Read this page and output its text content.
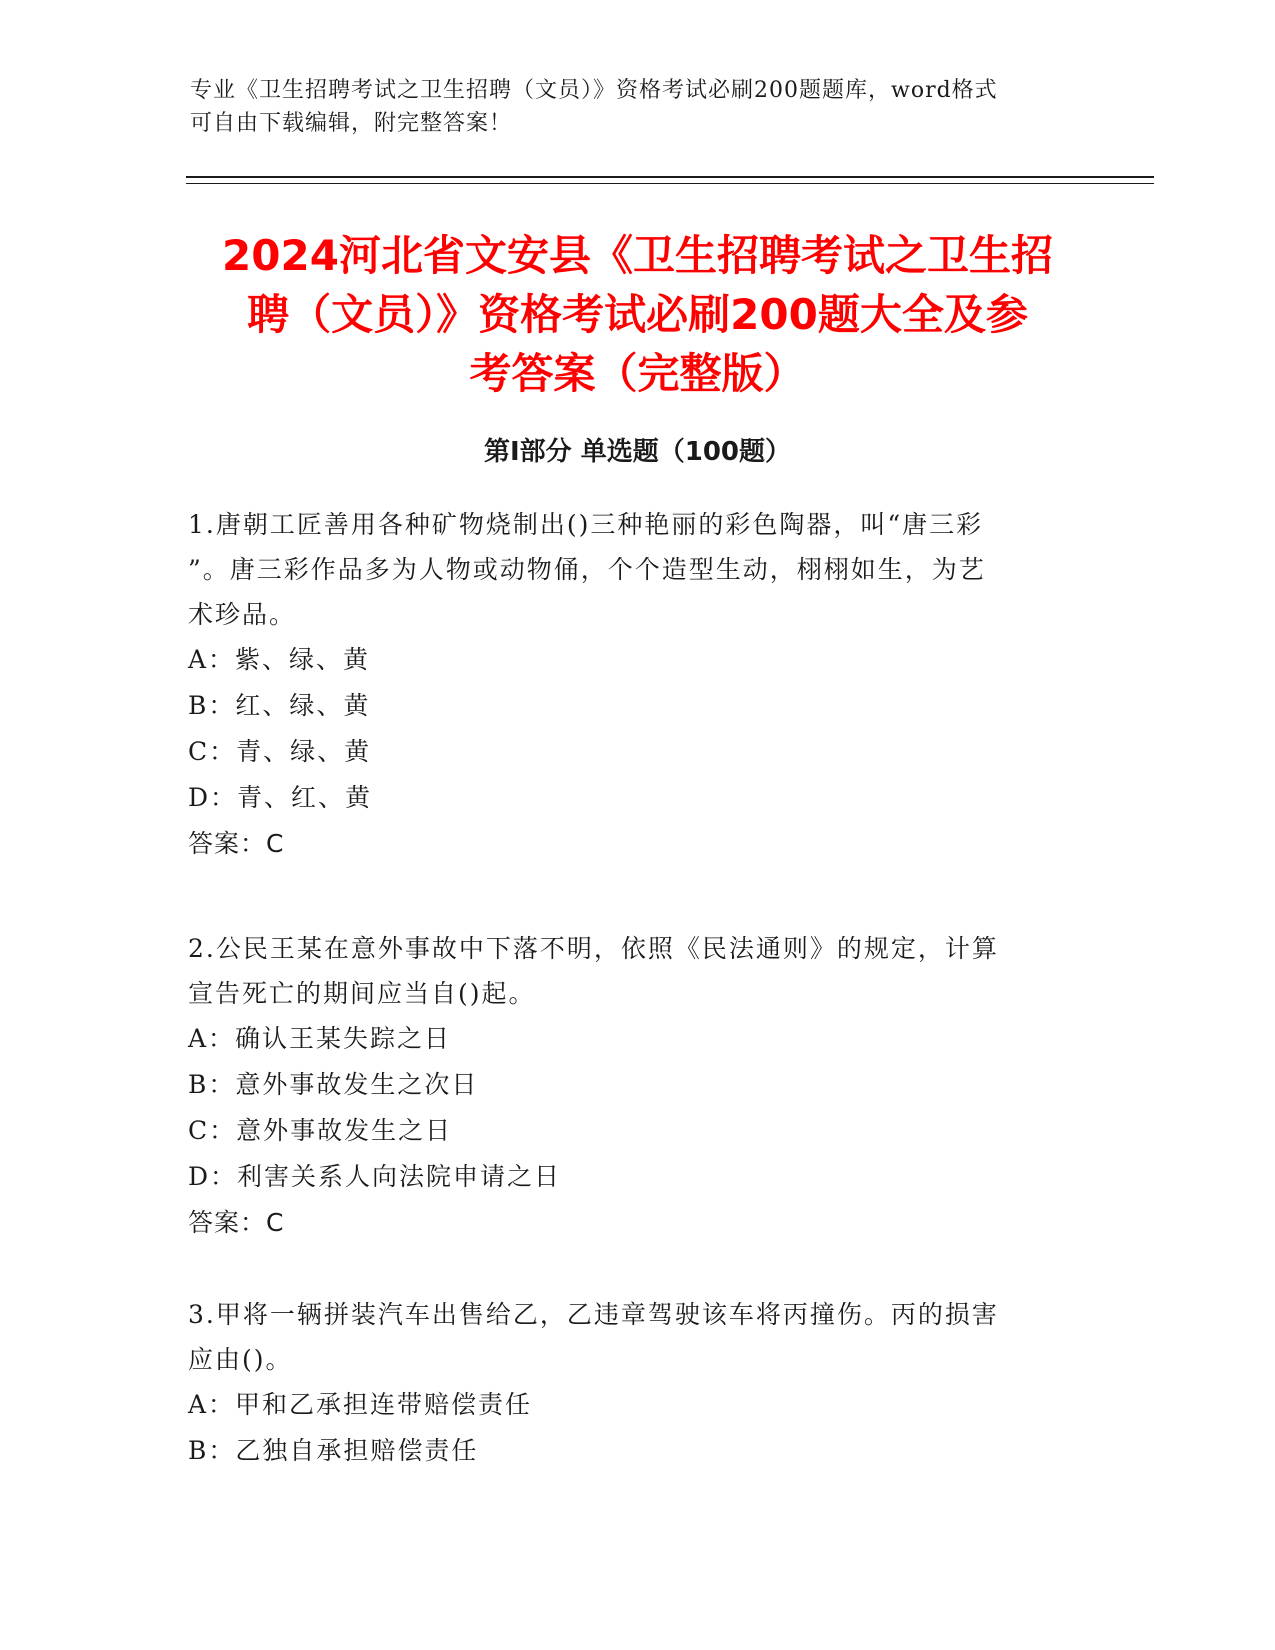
专业《卫生招聘考试之卫生招聘（文员）》资格考试必刷200题题库，word格式
可自由下载编辑，附完整答案！
2024河北省文安县《卫生招聘考试之卫生招
聘（文员）》资格考试必刷200题大全及参
考答案（完整版）
第Ⅰ部分 单选题（100题）
1.唐朝工匠善用各种矿物烧制出()三种艳丽的彩色陶器，叫“唐三彩
”。唐三彩作品多为人物或动物俑，个个造型生动，栩栩如生，为艺
术珍品。
A：紫、绿、黄
B：红、绿、黄
C：青、绿、黄
D：青、红、黄
答案：C
2.公民王某在意外事故中下落不明，依照《民法通则》的规定，计算
宣告死亡的期间应当自()起。
A：确认王某失踪之日
B：意外事故发生之次日
C：意外事故发生之日
D：利害关系人向法院申请之日
答案：C
3.甲将一辆拼装汽车出售给乙，乙违章驾驶该车将丙撞伤。丙的损害
应由()。
A：甲和乙承担连带赔偿责任
B：乙独自承担赔偿责任
